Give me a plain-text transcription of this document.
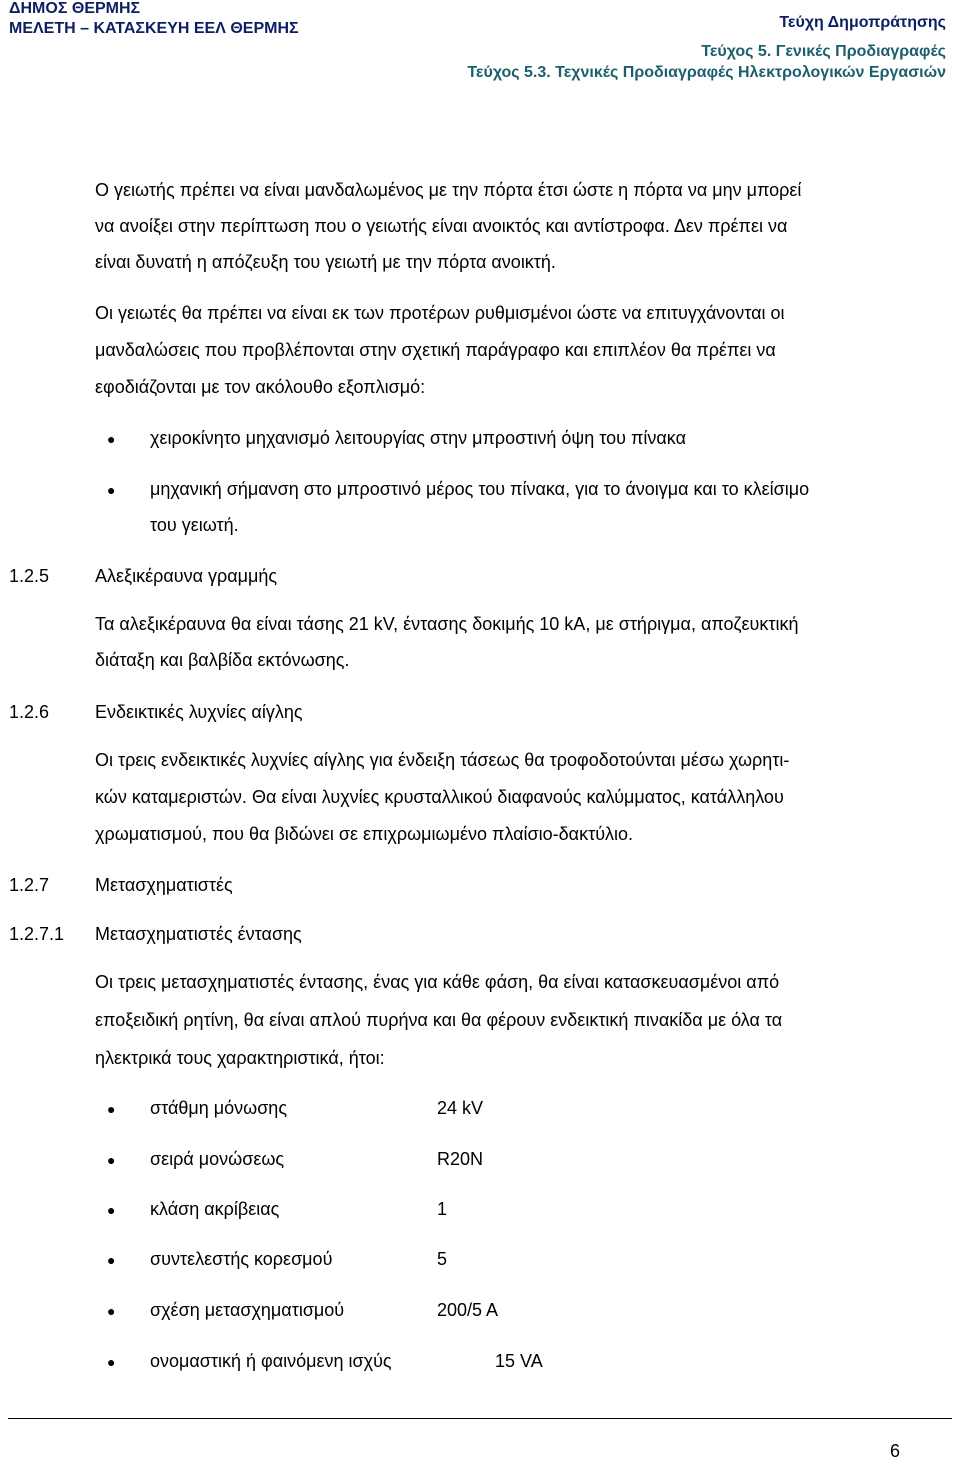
ΔΗΜΟΣ ΘΕΡΜΗΣ
ΜΕΛΕΤΗ – ΚΑΤΑΣΚΕΥΗ ΕΕΛ ΘΕΡΜΗΣ	Τεύχη Δημοπράτησης
Τεύχος 5. Γενικές Προδιαγραφές
Τεύχος 5.3. Τεχνικές Προδιαγραφές Ηλεκτρολογικών Εργασιών
Ο γειωτής πρέπει να είναι μανδαλωμένος με την πόρτα έτσι ώστε η πόρτα να μην μπορεί
να ανοίξει στην περίπτωση που ο γειωτής είναι ανοικτός και αντίστροφα. Δεν πρέπει να
είναι δυνατή η απόζευξη του γειωτή με την πόρτα ανοικτή.
Οι γειωτές θα πρέπει να είναι εκ των προτέρων ρυθμισμένοι ώστε να επιτυγχάνονται οι
μανδαλώσεις που προβλέπονται στην σχετική παράγραφο και επιπλέον θα πρέπει να
εφοδιάζονται με τον ακόλουθο εξοπλισμό:
● χειροκίνητο μηχανισμό λειτουργίας στην μπροστινή όψη του πίνακα
● μηχανική σήμανση στο μπροστινό μέρος του πίνακα, για το άνοιγμα και το κλείσιμο
του γειωτή.
1.2.5	Αλεξικέραυνα γραμμής
Τα αλεξικέραυνα θα είναι τάσης 21 kV, έντασης δοκιμής 10 kA, με στήριγμα, αποζευκτική
διάταξη και βαλβίδα εκτόνωσης.
1.2.6	Ενδεικτικές λυχνίες αίγλης
Οι τρεις ενδεικτικές λυχνίες αίγλης για ένδειξη τάσεως θα τροφοδοτούνται μέσω χωρητι-
κών καταμεριστών. Θα είναι λυχνίες κρυσταλλικού διαφανούς καλύμματος, κατάλληλου
χρωματισμού, που θα βιδώνει σε επιχρωμιωμένο πλαίσιο-δακτύλιο.
1.2.7	Μετασχηματιστές
1.2.7.1 Μετασχηματιστές έντασης
Οι τρεις μετασχηματιστές έντασης, ένας για κάθε φάση, θα είναι κατασκευασμένοι από
εποξειδική ρητίνη, θα είναι απλού πυρήνα και θα φέρουν ενδεικτική πινακίδα με όλα τα
ηλεκτρικά τους χαρακτηριστικά, ήτοι:
● στάθμη μόνωσης	24 kV
● σειρά μονώσεως	R20N
● κλάση ακρίβειας	1
● συντελεστής κορεσμού	5
● σχέση μετασχηματισμού	200/5 A
● ονομαστική ή φαινόμενη ισχύς	15 VA
6
